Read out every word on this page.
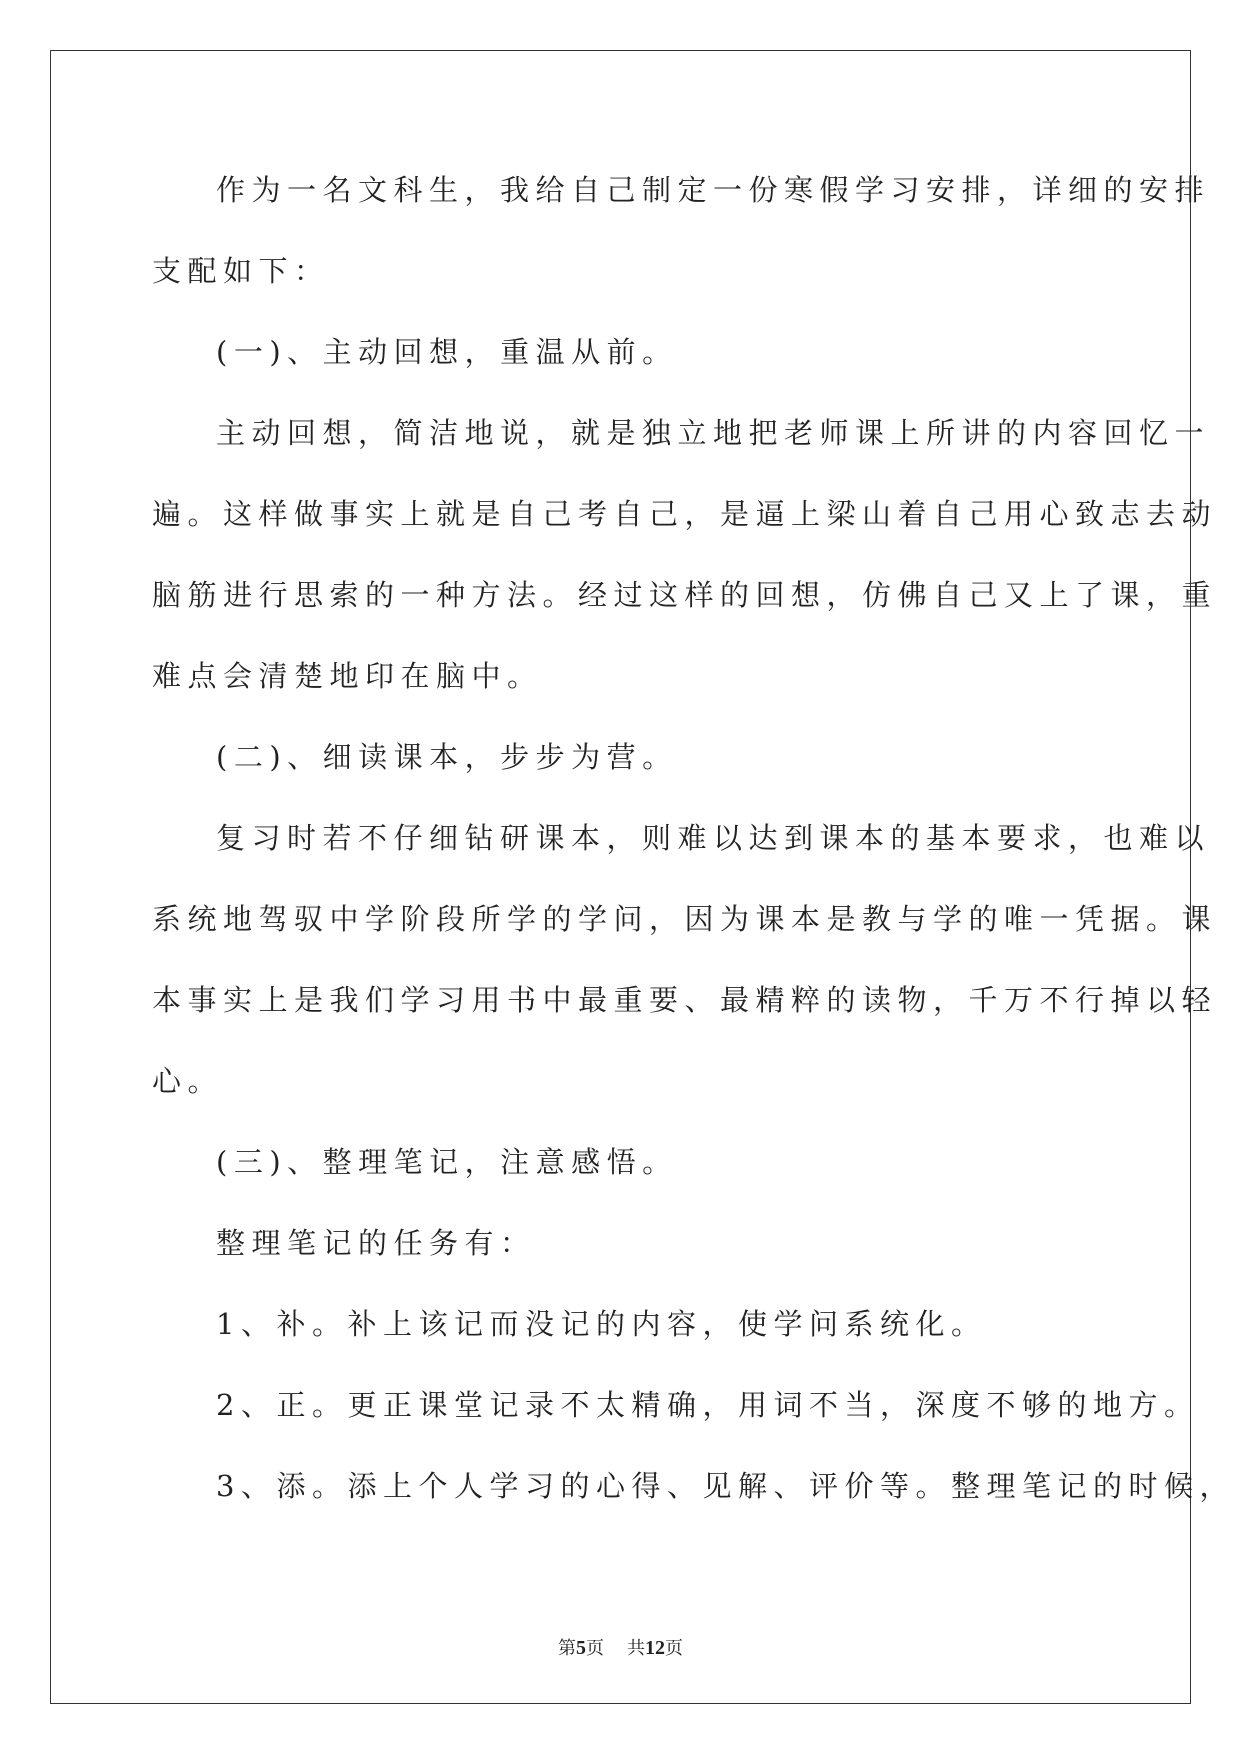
作为一名文科生，我给自己制定一份寒假学习安排，详细的安排
支配如下：
(一)、主动回想，重温从前。
主动回想，简洁地说，就是独立地把老师课上所讲的内容回忆一
遍。这样做事实上就是自己考自己，是逼上梁山着自己用心致志去动
脑筋进行思索的一种方法。经过这样的回想，仿佛自己又上了课，重
难点会清楚地印在脑中。
(二)、细读课本，步步为营。
复习时若不仔细钻研课本，则难以达到课本的基本要求，也难以
系统地驾驭中学阶段所学的学问，因为课本是教与学的唯一凭据。课
本事实上是我们学习用书中最重要、最精粹的读物，千万不行掉以轻
心。
(三)、整理笔记，注意感悟。
整理笔记的任务有：
1、补。补上该记而没记的内容，使学问系统化。
2、正。更正课堂记录不太精确，用词不当，深度不够的地方。
3、添。添上个人学习的心得、见解、评价等。整理笔记的时候，
第5页 共12页
